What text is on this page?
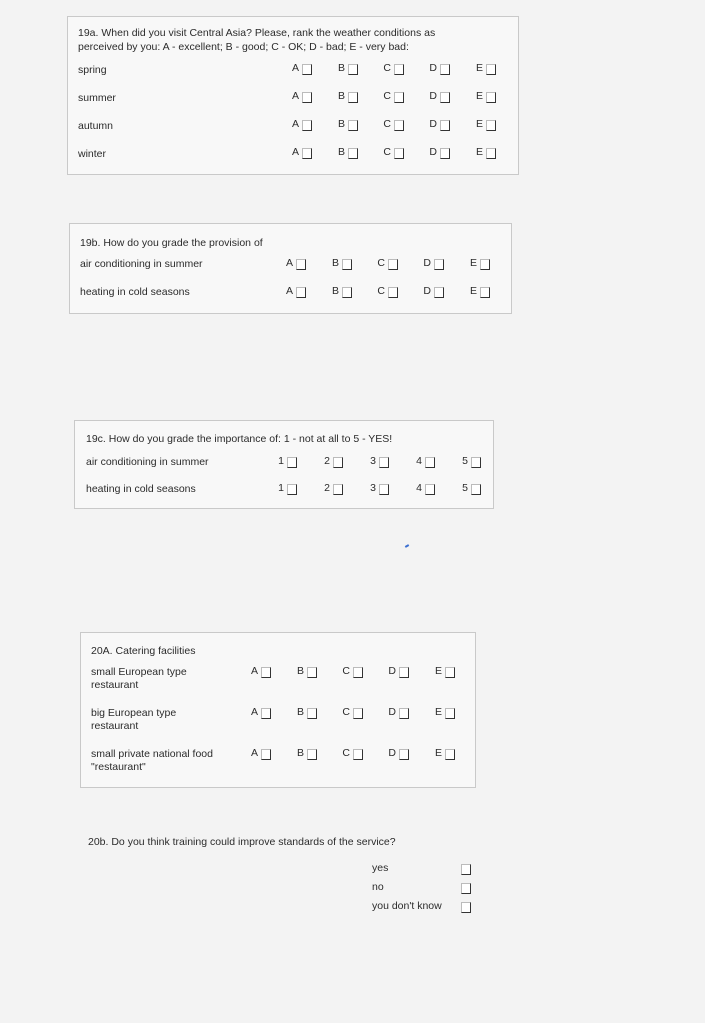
19a. When did you visit Central Asia? Please, rank the weather conditions as
perceived by you: A - excellent; B - good; C - OK; D - bad; E - very bad:
spring	A	B	C	D	E
summer	A	B	C	D	E
autumn	A	B	C	D	E
winter	A	B	C	D	E
19b. How do you grade the provision of
air conditioning in summer	A	B	C	D	E
heating in cold seasons	A	B	C	D	E
19c. How do you grade the importance of: 1 - not at all to 5 - YES!
air conditioning in summer	1	2	3	4	5
heating in cold seasons	1	2	3	4	5
20A. Catering facilities
small European type
restaurant
A	B	C	D	E
big European type
restaurant
A	B	C	D	E
small private national food
"restaurant"
A	B	C	D	E
20b. Do you think training could improve standards of the service?
yes
no
you don't know
